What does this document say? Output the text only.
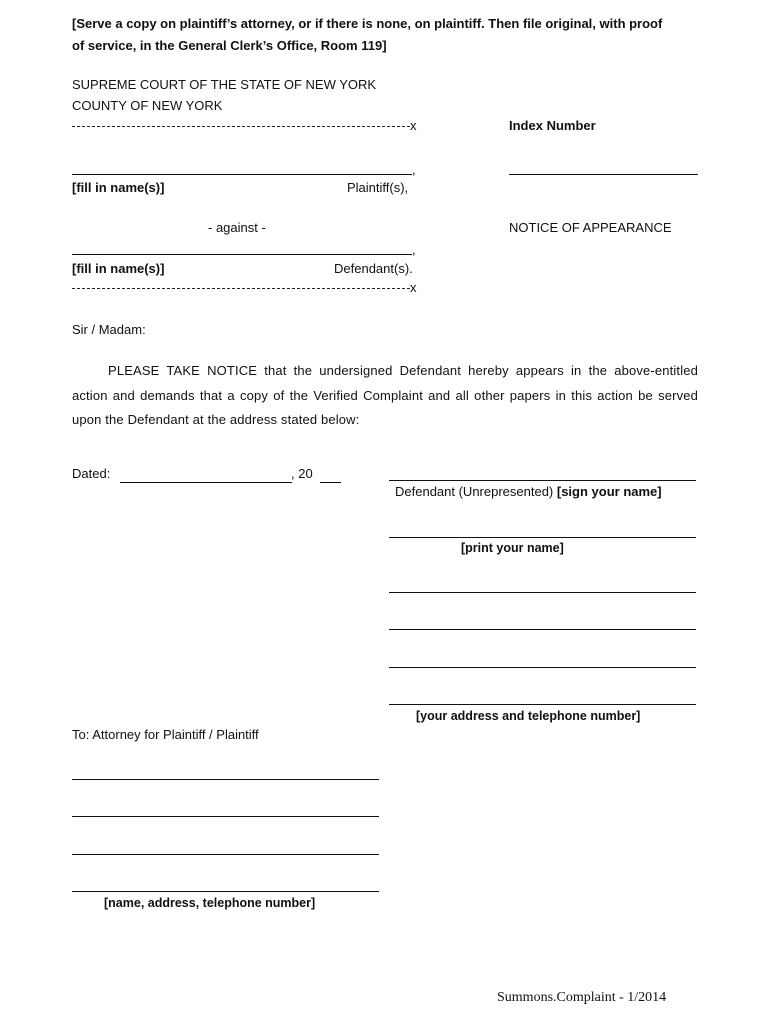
[Serve a copy on plaintiff’s attorney, or if there is none, on plaintiff. Then file original, with proof
of service, in the General Clerk’s Office, Room 119]
SUPREME COURT OF THE STATE OF NEW YORK
COUNTY OF NEW YORK
x	Index Number
,
[fill in name(s)]	Plaintiff(s),
- against -	NOTICE OF APPEARANCE
,
[fill in name(s)]	Defendant(s).
x
Sir / Madam:
PLEASE TAKE NOTICE that the undersigned Defendant hereby appears in the above-entitled action and demands that a copy of the Verified Complaint and all other papers in this action be served upon the Defendant at the address stated below:
Dated:	, 20
Defendant (Unrepresented) [sign your name]
[print your name]
[your address and telephone number]
To: Attorney for Plaintiff / Plaintiff
[name, address, telephone number]
Summons.Complaint - 1/2014
